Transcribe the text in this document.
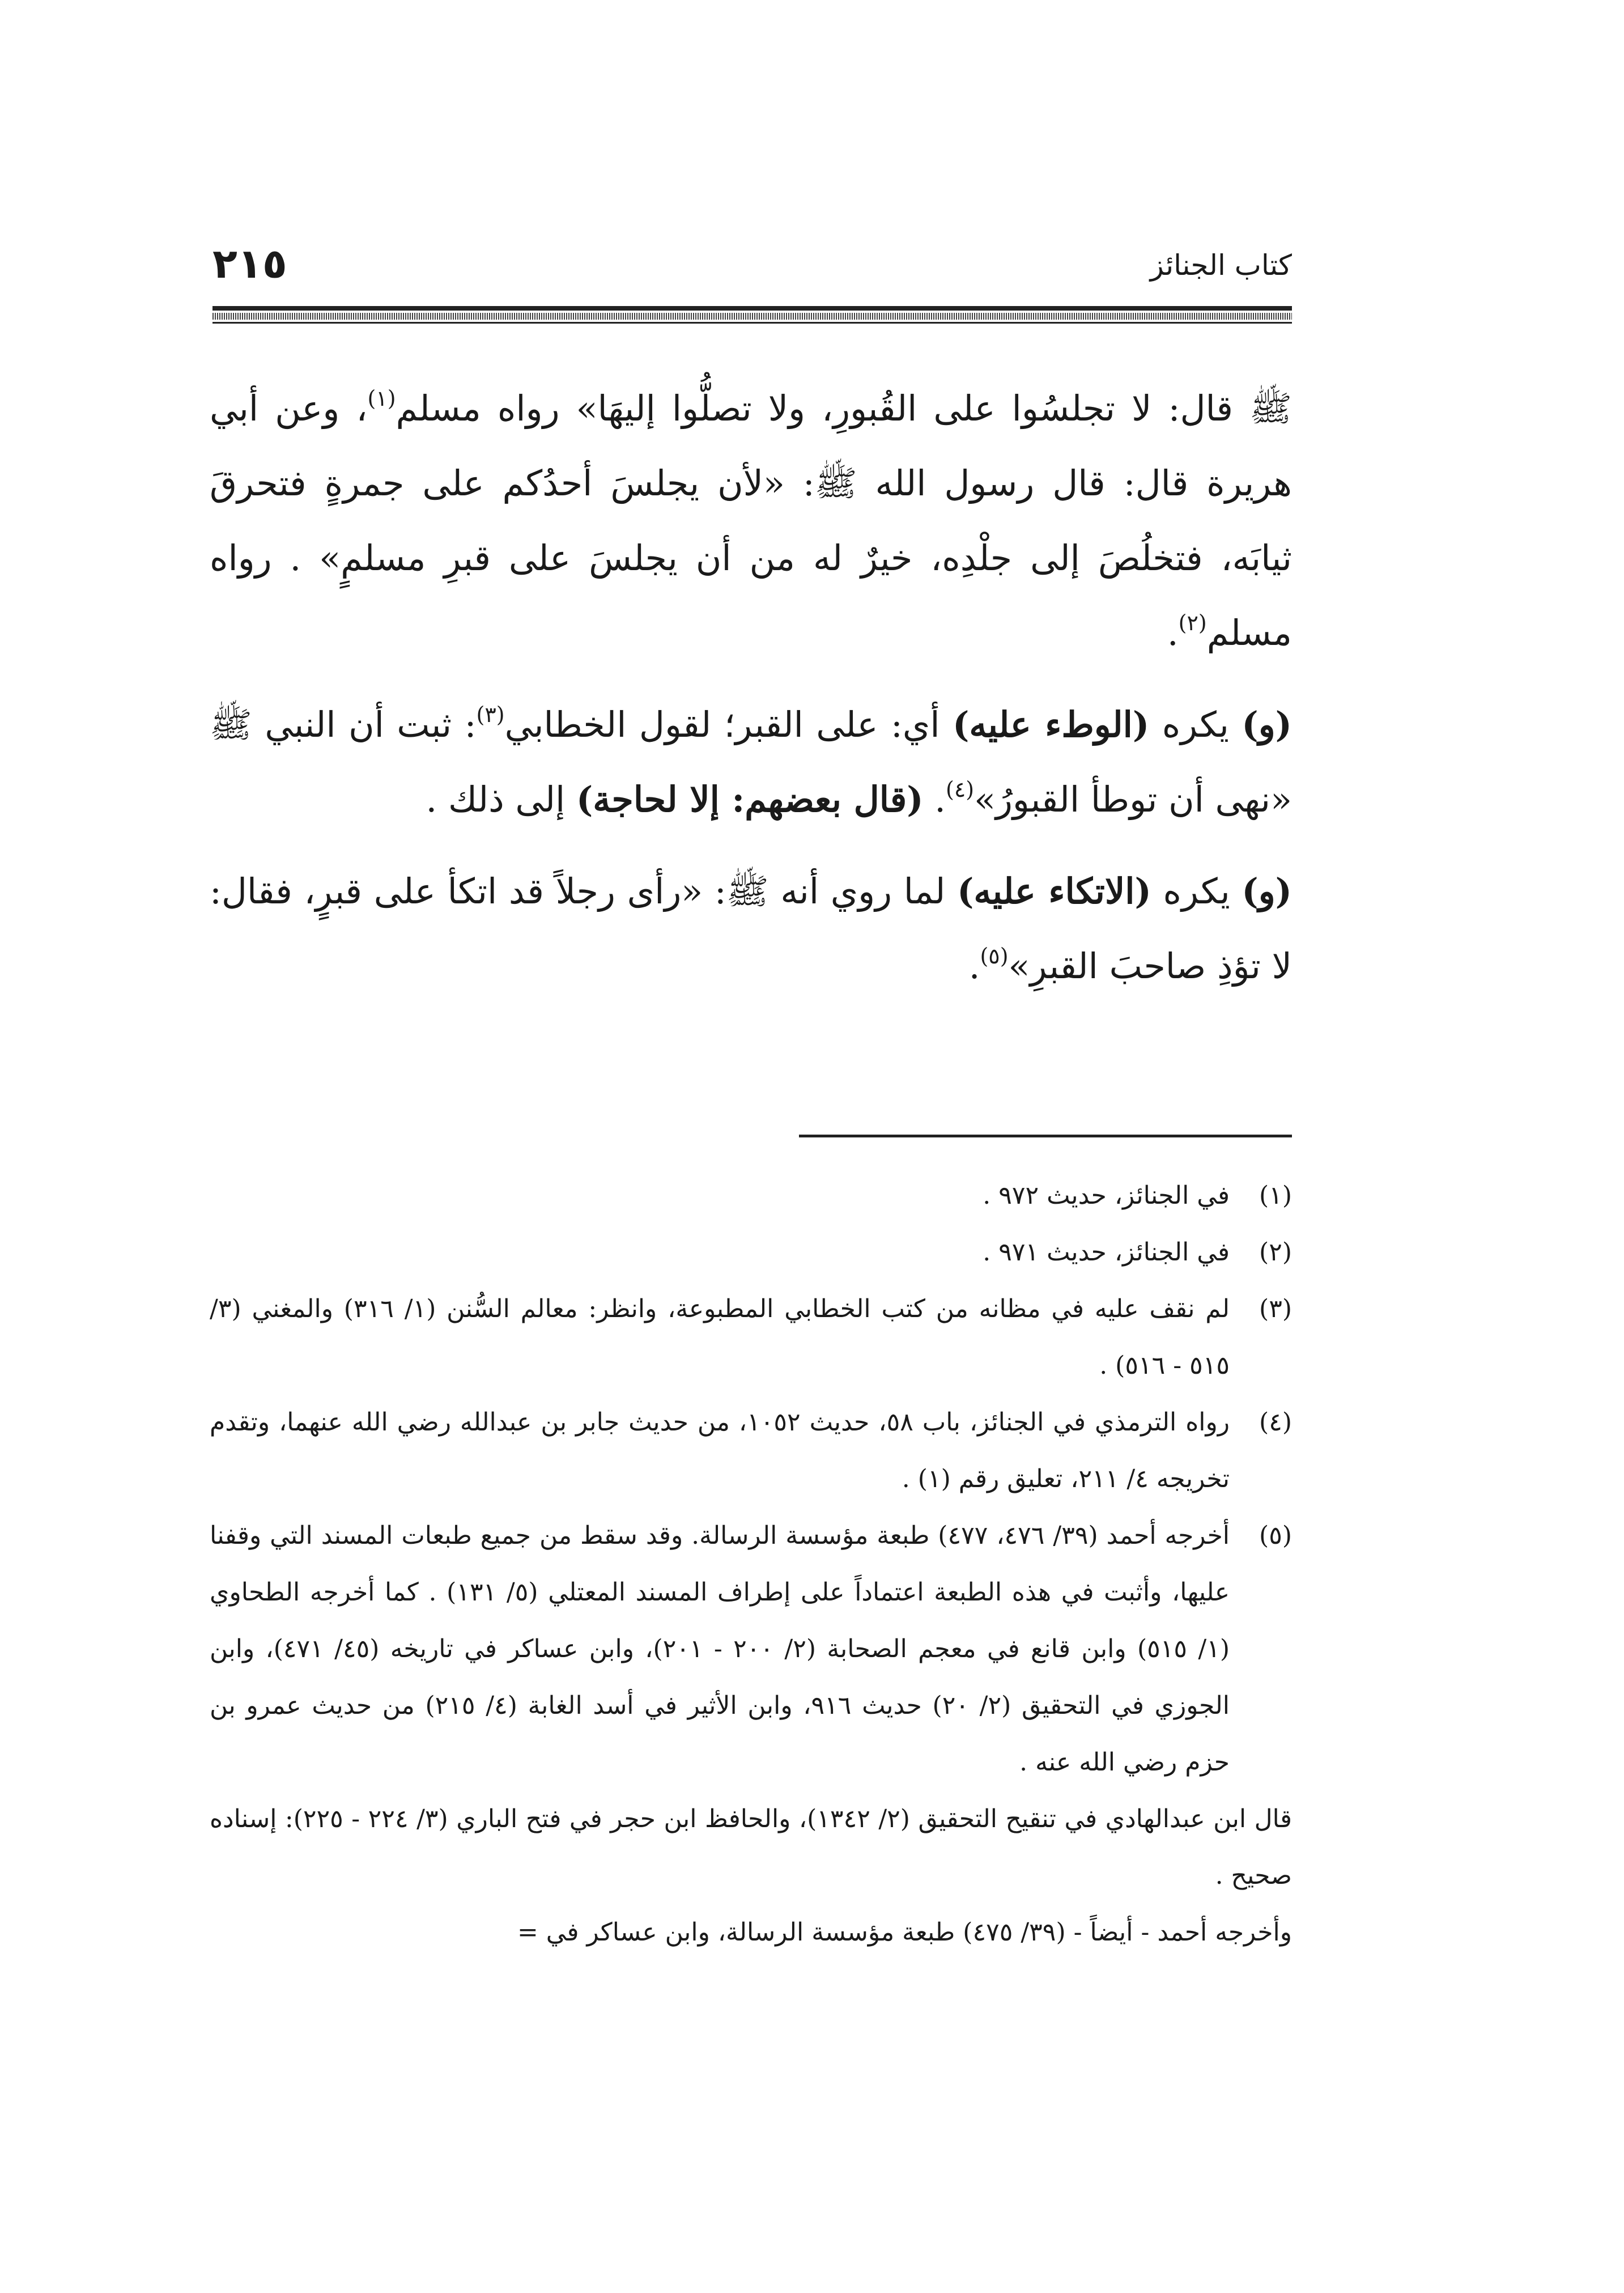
٢١٥	كتاب الجنائز

ﷺ قال: لا تجلسُوا على القُبورِ، ولا تصلُّوا إليهَا» رواه مسلم$^{(١)}$، وعن أبي هريرة قال: قال رسول الله ﷺ: «لأن يجلسَ أحدُكم على جمرةٍ فتحرقَ ثيابَه، فتخلُصَ إلى جلْدِه، خيرٌ له من أن يجلسَ على قبرِ مسلمٍ» . رواه مسلم$^{(٢)}$.

(و) يكره (الوطء عليه) أي: على القبر؛ لقول الخطابي$^{(٣)}$: ثبت أن النبي ﷺ «نهى أن توطأ القبورُ»$^{(٤)}$. (قال بعضهم: إلا لحاجة) إلى ذلك .

(و) يكره (الاتكاء عليه) لما روي أنه ﷺ: «رأى رجلاً قد اتكأ على قبرٍ، فقال: لا تؤذِ صاحبَ القبرِ»$^{(٥)}$.

(١)
في الجنائز، حديث ٩٧٢ .

(٢)
في الجنائز، حديث ٩٧١ .

(٣)
لم نقف عليه في مظانه من كتب الخطابي المطبوعة، وانظر: معالم السُّنن (١/ ٣١٦) والمغني (٣/ ٥١٥ - ٥١٦) .

(٤)
رواه الترمذي في الجنائز، باب ٥٨، حديث ١٠٥٢، من حديث جابر بن عبدالله رضي الله عنهما، وتقدم تخريجه ٤/ ٢١١، تعليق رقم (١) .

(٥)
أخرجه أحمد (٣٩/ ٤٧٦، ٤٧٧) طبعة مؤسسة الرسالة. وقد سقط من جميع طبعات المسند التي وقفنا عليها، وأثبت في هذه الطبعة اعتماداً على إطراف المسند المعتلي (٥/ ١٣١) . كما أخرجه الطحاوي (١/ ٥١٥) وابن قانع في معجم الصحابة (٢/ ٢٠٠ - ٢٠١)، وابن عساكر في تاريخه (٤٥/ ٤٧١)، وابن الجوزي في التحقيق (٢/ ٢٠) حديث ٩١٦، وابن الأثير في أسد الغابة (٤/ ٢١٥) من حديث عمرو بن حزم رضي الله عنه .

قال ابن عبدالهادي في تنقيح التحقيق (٢/ ١٣٤٢)، والحافظ ابن حجر في فتح الباري (٣/ ٢٢٤ - ٢٢٥): إسناده صحيح .

وأخرجه أحمد - أيضاً - (٣٩/ ٤٧٥) طبعة مؤسسة الرسالة، وابن عساكر في =
